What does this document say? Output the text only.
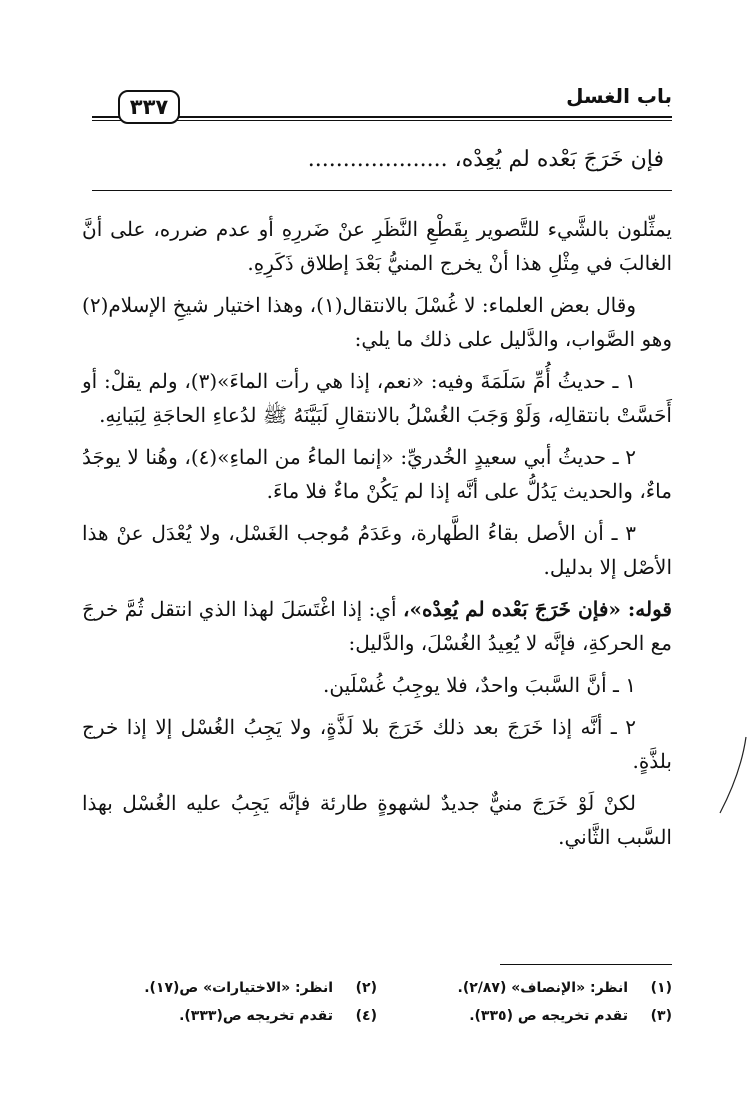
باب الغسل
٣٣٧
فإن خَرَجَ بَعْده لم يُعِدْه، ....................

يمثِّلون بالشَّيء للتَّصوير بِقَطْعِ النَّظَرِ عنْ ضَررِهِ أو عدم ضرره، على أنَّ الغالبَ في مِثْلِ هذا أنْ يخرج المنيُّ بَعْدَ إطلاق ذَكَرِهِ.

وقال بعض العلماء: لا غُسْلَ بالانتقال(١)، وهذا اختيار شيخِ الإسلام(٢) وهو الصَّواب، والدَّليل على ذلك ما يلي:

١ ـ حديثُ أُمِّ سَلَمَةَ وفيه: «نعم، إذا هي رأت الماءَ»(٣)، ولم يقلْ: أو أَحَسَّتْ بانتقالِه، وَلَوْ وَجَبَ الغُسْلُ بالانتقالِ لَبَيَّنَهُ ﷺ لدُعاءِ الحاجَةِ لِبَيانِهِ.

٢ ـ حديثُ أبي سعيدٍ الخُدريِّ: «إنما الماءُ من الماءِ»(٤)، وهُنا لا يوجَدُ ماءٌ، والحديث يَدُلُّ على أنَّه إذا لم يَكُنْ ماءٌ فلا ماءَ.

٣ ـ أن الأصل بقاءُ الطَّهارة، وعَدَمُ مُوجب الغَسْل، ولا يُعْدَل عنْ هذا الأصْل إلا بدليل.

قوله: «فإن خَرَجَ بَعْده لم يُعِدْه»، أي: إذا اغْتَسَلَ لهذا الذي انتقل ثُمَّ خرجَ مع الحركةِ، فإنَّه لا يُعِيدُ الغُسْلَ، والدَّليل:

١ ـ أنَّ السَّببَ واحدٌ، فلا يوجِبُ غُسْلَين.

٢ ـ أنَّه إذا خَرَجَ بعد ذلك خَرَجَ بلا لَذَّةٍ، ولا يَجِبُ الغُسْل إلا إذا خرج بلذَّةٍ.

لكنْ لَوْ خَرَجَ منيٌّ جديدٌ لشهوةٍ طارئة فإنَّه يَجِبُ عليه الغُسْل بهذا السَّبب الثَّاني.

(١)انظر: «الإنصاف» (٢/٨٧).
(٢)انظر: «الاختيارات» ص(١٧).
(٣)تقدم تخريجه ص (٣٣٥).
(٤)تقدم تخريجه ص(٣٣٣).
